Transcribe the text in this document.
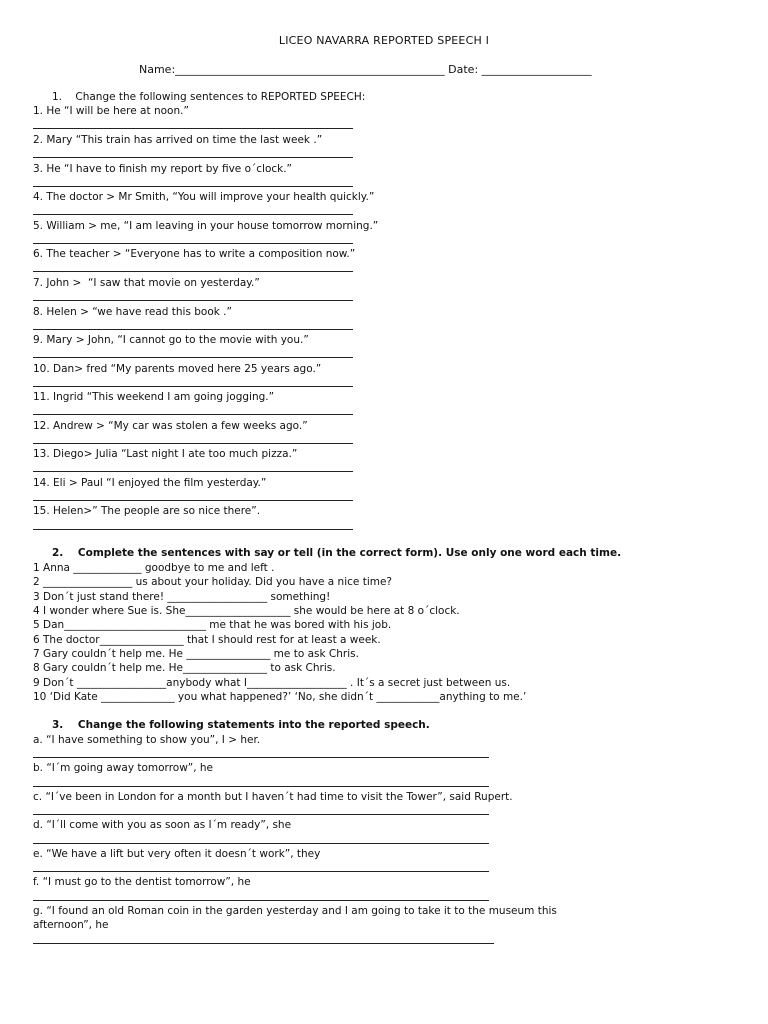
LICEO NAVARRA REPORTED SPEECH I
Name:_________________________________________________ Date: ____________________
1.    Change the following sentences to REPORTED SPEECH:
1. He “I will be here at noon.”
2. Mary “This train has arrived on time the last week .”
3. He “I have to finish my report by five o´clock.”
4. The doctor > Mr Smith, “You will improve your health quickly.”
5. William > me, “I am leaving in your house tomorrow morning.”
6. The teacher > “Everyone has to write a composition now.”
7. John >  “I saw that movie on yesterday.”
8. Helen > “we have read this book .”
9. Mary > John, “I cannot go to the movie with you.”
10. Dan> fred “My parents moved here 25 years ago.”
11. Ingrid “This weekend I am going jogging.”
12. Andrew > “My car was stolen a few weeks ago.”
13. Diego> Julia “Last night I ate too much pizza.”
14. Eli > Paul “I enjoyed the film yesterday.”
15. Helen>” The people are so nice there”.
2.    Complete the sentences with say or tell (in the correct form). Use only one word each time.
1 Anna _____________ goodbye to me and left .
2 _________________ us about your holiday. Did you have a nice time?
3 Don´t just stand there! ___________________ something!
4 I wonder where Sue is. She____________________ she would be here at 8 o´clock.
5 Dan___________________________ me that he was bored with his job.
6 The doctor________________ that I should rest for at least a week.
7 Gary couldn´t help me. He ________________ me to ask Chris.
8 Gary couldn´t help me. He________________ to ask Chris.
9 Don´t _________________anybody what I___________________ . It´s a secret just between us.
10 ‘Did Kate ______________ you what happened?’ ‘No, she didn´t ____________anything to me.’
3.    Change the following statements into the reported speech.
a. “I have something to show you”, I > her.
b. “I´m going away tomorrow”, he
c. “I´ve been in London for a month but I haven´t had time to visit the Tower”, said Rupert.
d. “I´ll come with you as soon as I´m ready”, she
e. “We have a lift but very often it doesn´t work”, they
f. “I must go to the dentist tomorrow”, he
g. “I found an old Roman coin in the garden yesterday and I am going to take it to the museum this
afternoon”, he
